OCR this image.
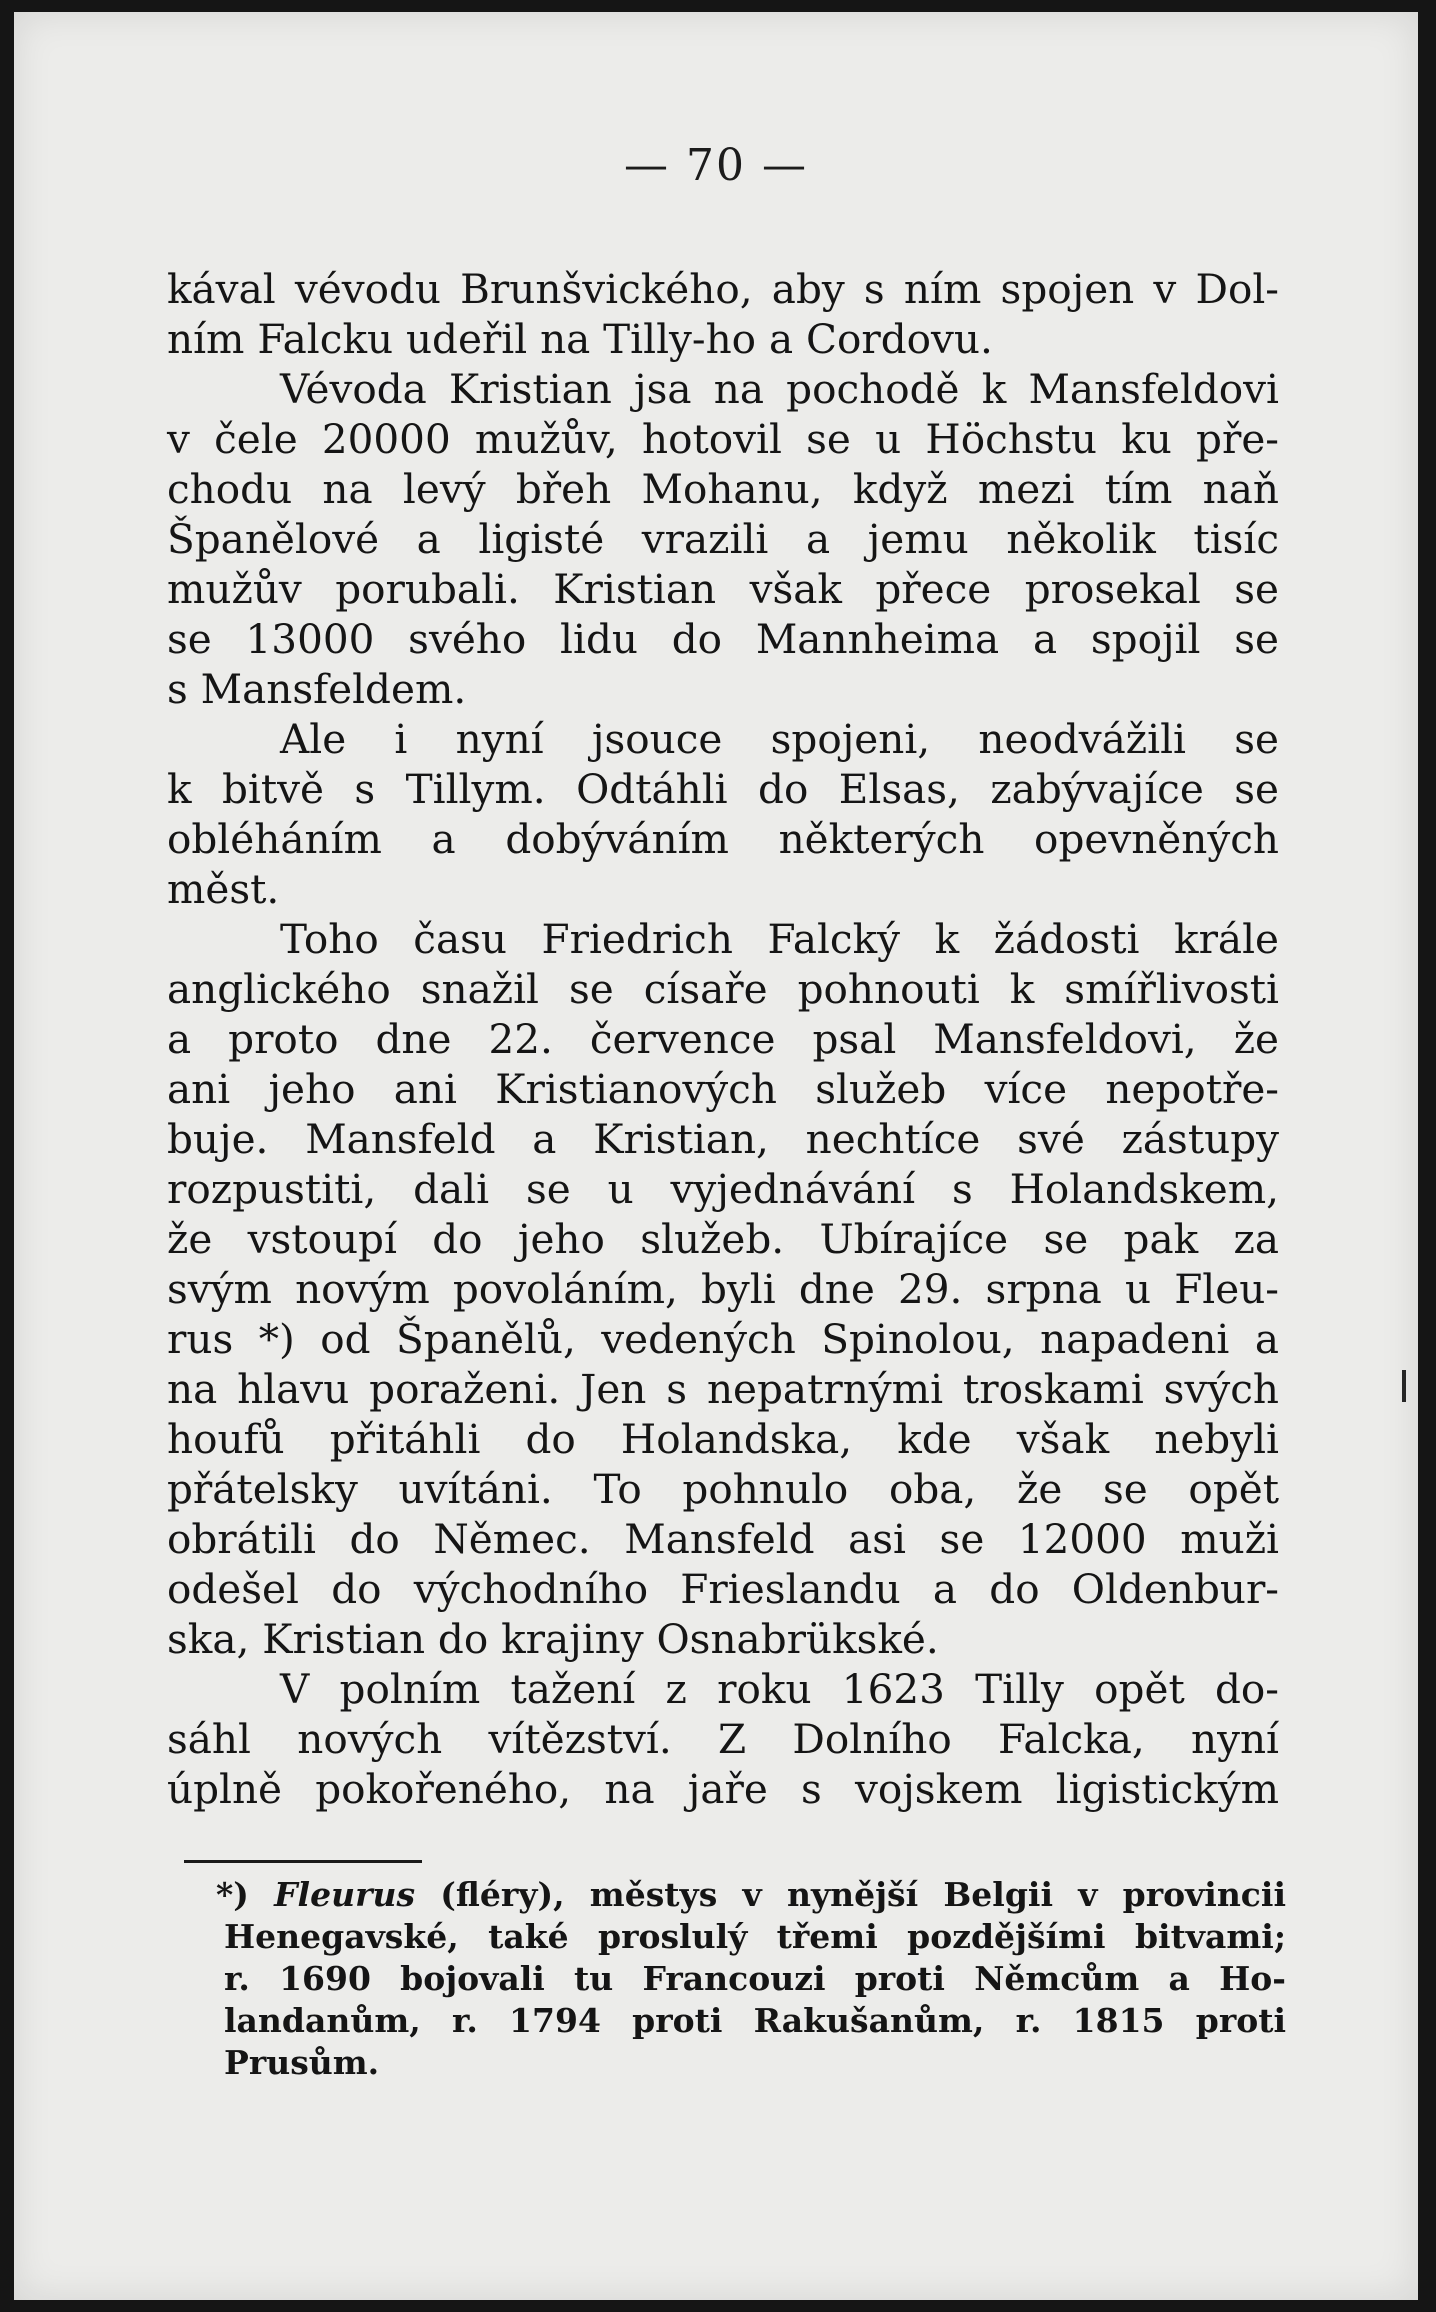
— 70 —
kával vévodu Brunšvického, aby s ním spojen v Dol-
ním Falcku udeřil na Tilly-ho a Cordovu.
Vévoda Kristian jsa na pochodě k Mansfeldovi
v čele 20000 mužův, hotovil se u Höchstu ku pře-
chodu na levý břeh Mohanu, když mezi tím naň
Španělové a ligisté vrazili a jemu několik tisíc
mužův porubali. Kristian však přece prosekal se
se 13000 svého lidu do Mannheima a spojil se
s Mansfeldem.
Ale i nyní jsouce spojeni, neodvážili se
k bitvě s Tillym. Odtáhli do Elsas, zabývajíce se
obléháním a dobýváním některých opevněných
měst.
Toho času Friedrich Falcký k žádosti krále
anglického snažil se císaře pohnouti k smířlivosti
a proto dne 22. července psal Mansfeldovi, že
ani jeho ani Kristianových služeb více nepotře-
buje. Mansfeld a Kristian, nechtíce své zástupy
rozpustiti, dali se u vyjednávání s Holandskem,
že vstoupí do jeho služeb. Ubírajíce se pak za
svým novým povoláním, byli dne 29. srpna u Fleu-
rus *) od Španělů, vedených Spinolou, napadeni a
na hlavu poraženi. Jen s nepatrnými troskami svých
houfů přitáhli do Holandska, kde však nebyli
přátelsky uvítáni. To pohnulo oba, že se opět
obrátili do Němec. Mansfeld asi se 12000 muži
odešel do východního Frieslandu a do Oldenbur-
ska, Kristian do krajiny Osnabrükské.
V polním tažení z roku 1623 Tilly opět do-
sáhl nových vítězství. Z Dolního Falcka, nyní
úplně pokořeného, na jaře s vojskem ligistickým
*) Fleurus (fléry), městys v nynější Belgii v provincii
Henegavské, také proslulý třemi pozdějšími bitvami;
r. 1690 bojovali tu Francouzi proti Němcům a Ho-
landanům, r. 1794 proti Rakušanům, r. 1815 proti
Prusům.
